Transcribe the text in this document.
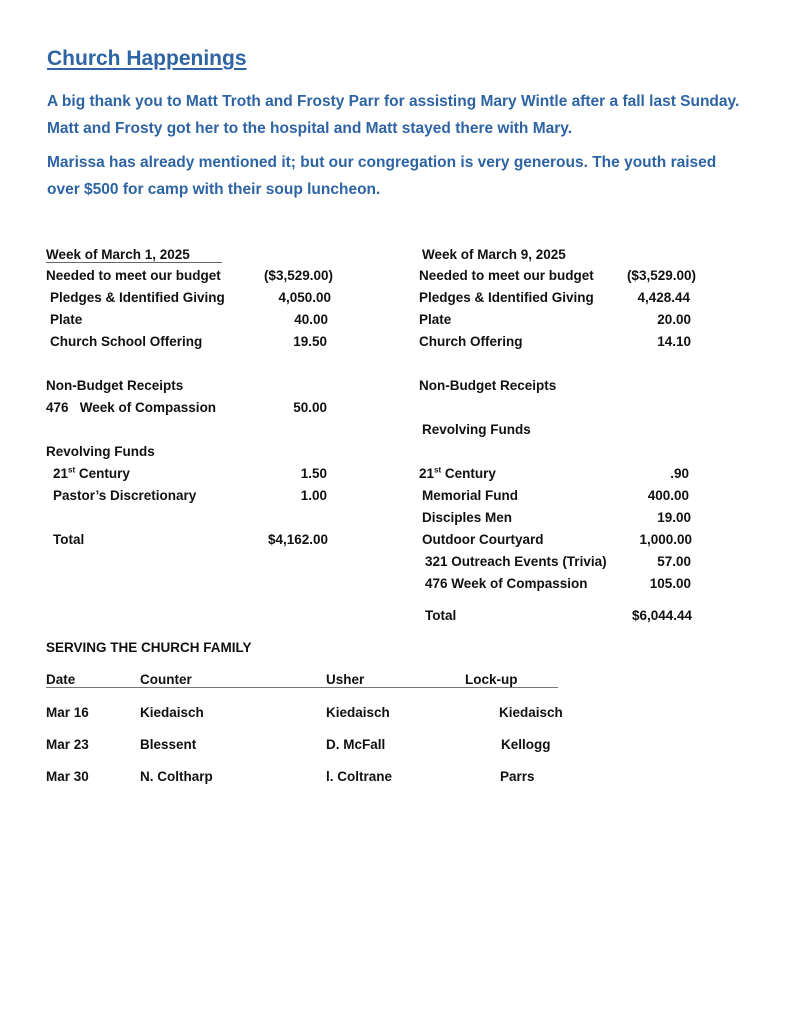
Church Happenings
A big thank you to Matt Troth and Frosty Parr for assisting Mary Wintle after a fall last Sunday. Matt and Frosty got her to the hospital and Matt stayed there with Mary.
Marissa has already mentioned it; but our congregation is very generous. The youth raised over $500 for camp with their soup luncheon.
Week of March 1, 2025
Needed to meet our budget	($3,529.00)
Pledges & Identified Giving	4,050.00
Plate	40.00
Church School Offering	19.50
Non-Budget Receipts
476   Week of Compassion	50.00
Revolving Funds
21st Century	1.50
Pastor’s Discretionary	1.00
Total	$4,162.00
Week of March 9, 2025
Needed to meet our budget	($3,529.00)
Pledges & Identified Giving	4,428.44
Plate	20.00
Church Offering	14.10
Non-Budget Receipts
Revolving Funds
21st Century	.90
Memorial Fund	400.00
Disciples Men	19.00
Outdoor Courtyard	1,000.00
321 Outreach Events (Trivia)	57.00
476 Week of Compassion	105.00
Total	$6,044.44
SERVING THE CHURCH FAMILY
Date	Counter	Usher	Lock-up
Mar 16	Kiedaisch	Kiedaisch	Kiedaisch
Mar 23	Blessent	D. McFall	Kellogg
Mar 30	N. Coltharp	l. Coltrane	Parrs
